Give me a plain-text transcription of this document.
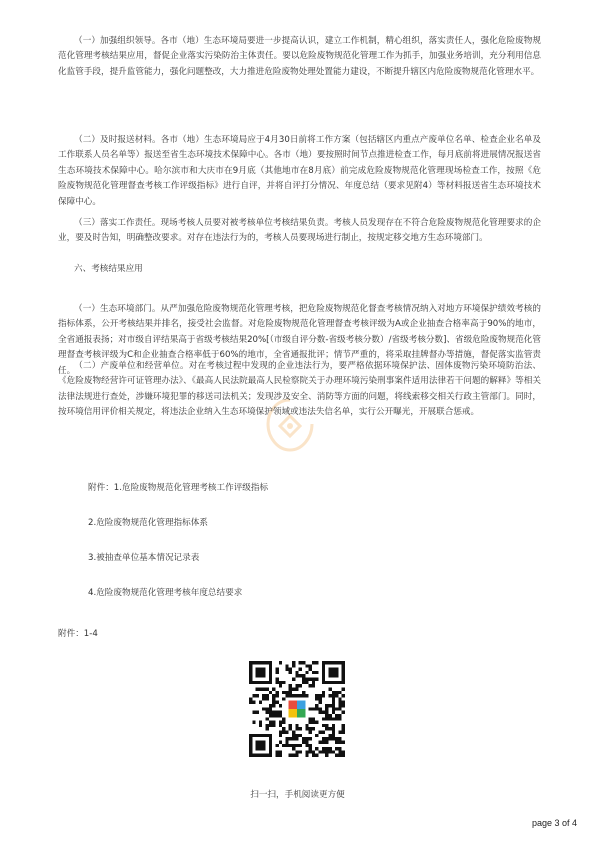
（一）加强组织领导。各市（地）生态环境局要进一步提高认识，建立工作机制，精心组织，落实责任人，强化危险废物规范化管理考核结果应用，督促企业落实污染防治主体责任。要以危险废物规范化管理工作为抓手，加强业务培训，充分利用信息化监管手段，提升监管能力，强化问题整改，大力推进危险废物处理处置能力建设，不断提升辖区内危险废物规范化管理水平。

（二）及时报送材料。各市（地）生态环境局应于4月30日前将工作方案（包括辖区内重点产废单位名单、检查企业名单及工作联系人员名单等）报送至省生态环境技术保障中心。各市（地）要按照时间节点推进检查工作，每月底前将进展情况报送省生态环境技术保障中心。哈尔滨市和大庆市在9月底（其他地市在8月底）前完成危险废物规范化管理现场检查工作，按照《危险废物规范化管理督查考核工作评级指标》进行自评，并将自评打分情况、年度总结（要求见附4）等材料报送省生态环境技术保障中心。

（三）落实工作责任。现场考核人员要对被考核单位考核结果负责。考核人员发现存在不符合危险废物规范化管理要求的企业，要及时告知，明确整改要求。对存在违法行为的，考核人员要现场进行制止，按规定移交地方生态环境部门。

六、考核结果应用

（一）生态环境部门。从严加强危险废物规范化管理考核，把危险废物规范化督查考核情况纳入对地方环境保护绩效考核的指标体系，公开考核结果并排名，接受社会监督。对危险废物规范化管理督查考核评级为A或企业抽查合格率高于90%的地市，全省通报表扬；对市级自评结果高于省级考核结果20%[（市级自评分数-省级考核分数）/省级考核分数]、省级危险废物规范化管理督查考核评级为C和企业抽查合格率低于60%的地市，全省通报批评；情节严重的，将采取挂牌督办等措施，督促落实监管责任。

（二）产废单位和经营单位。对在考核过程中发现的企业违法行为，要严格依据环境保护法、固体废物污染环境防治法、《危险废物经营许可证管理办法》、《最高人民法院最高人民检察院关于办理环境污染刑事案件适用法律若干问题的解释》等相关法律法规进行查处，涉嫌环境犯罪的移送司法机关；发现涉及安全、消防等方面的问题，将线索移交相关行政主管部门。同时，按环境信用评价相关规定，将违法企业纳入生态环境保护领域或违法失信名单，实行公开曝光，开展联合惩戒。

附件：1.危险废物规范化管理考核工作评级指标

2.危险废物规范化管理指标体系

3.被抽查单位基本情况记录表

4.危险废物规范化管理考核年度总结要求

附件：1-4

扫一扫，手机阅读更方便

page 3 of 4
